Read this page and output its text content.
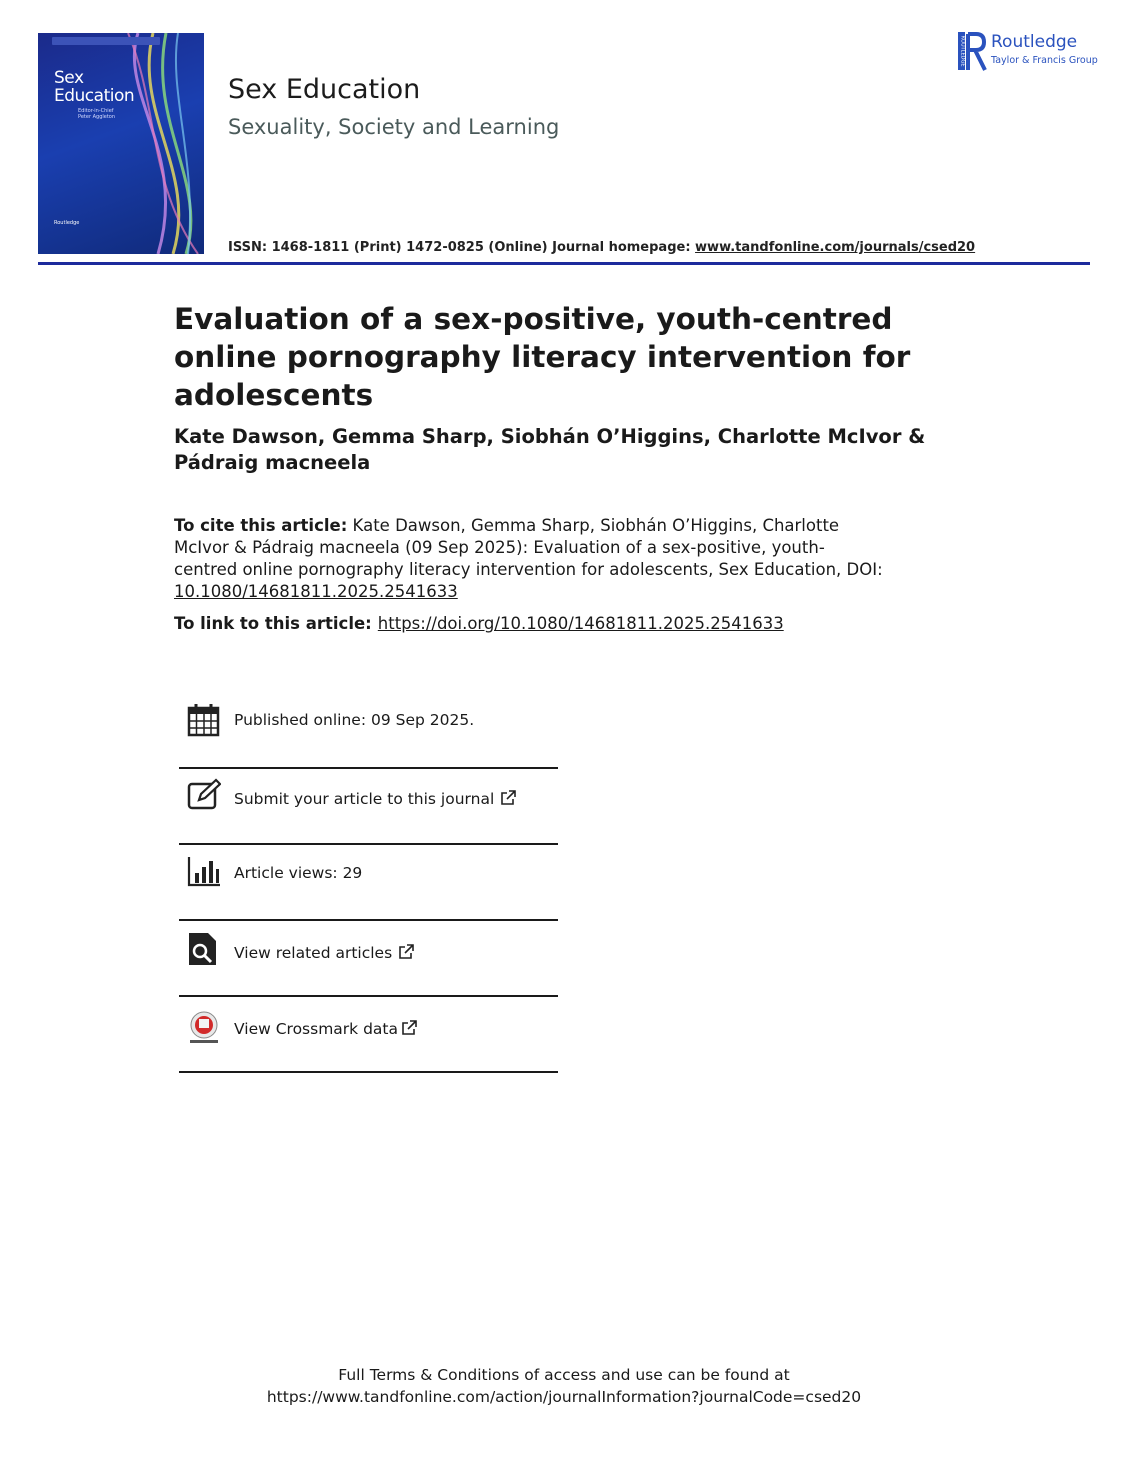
Sex
Education
Editor-in-Chief
Peter Aggleton
Routledge
Sex Education
Sexuality, Society and Learning
ISSN: 1468-1811 (Print) 1472-0825 (Online) Journal homepage: www.tandfonline.com/journals/csed20
ROUTLEDGE Routledge
Taylor & Francis Group
Evaluation of a sex-positive, youth-centred online pornography literacy intervention for adolescents
Kate Dawson, Gemma Sharp, Siobhán O’Higgins, Charlotte McIvor & Pádraig macneela
To cite this article: Kate Dawson, Gemma Sharp, Siobhán O’Higgins, Charlotte McIvor & Pádraig macneela (09 Sep 2025): Evaluation of a sex-positive, youth-centred online pornography literacy intervention for adolescents, Sex Education, DOI: 10.1080/14681811.2025.2541633
To link to this article: https://doi.org/10.1080/14681811.2025.2541633
Published online: 09 Sep 2025.
Submit your article to this journal
Article views: 29
View related articles
View Crossmark data
Full Terms & Conditions of access and use can be found at
https://www.tandfonline.com/action/journalInformation?journalCode=csed20
